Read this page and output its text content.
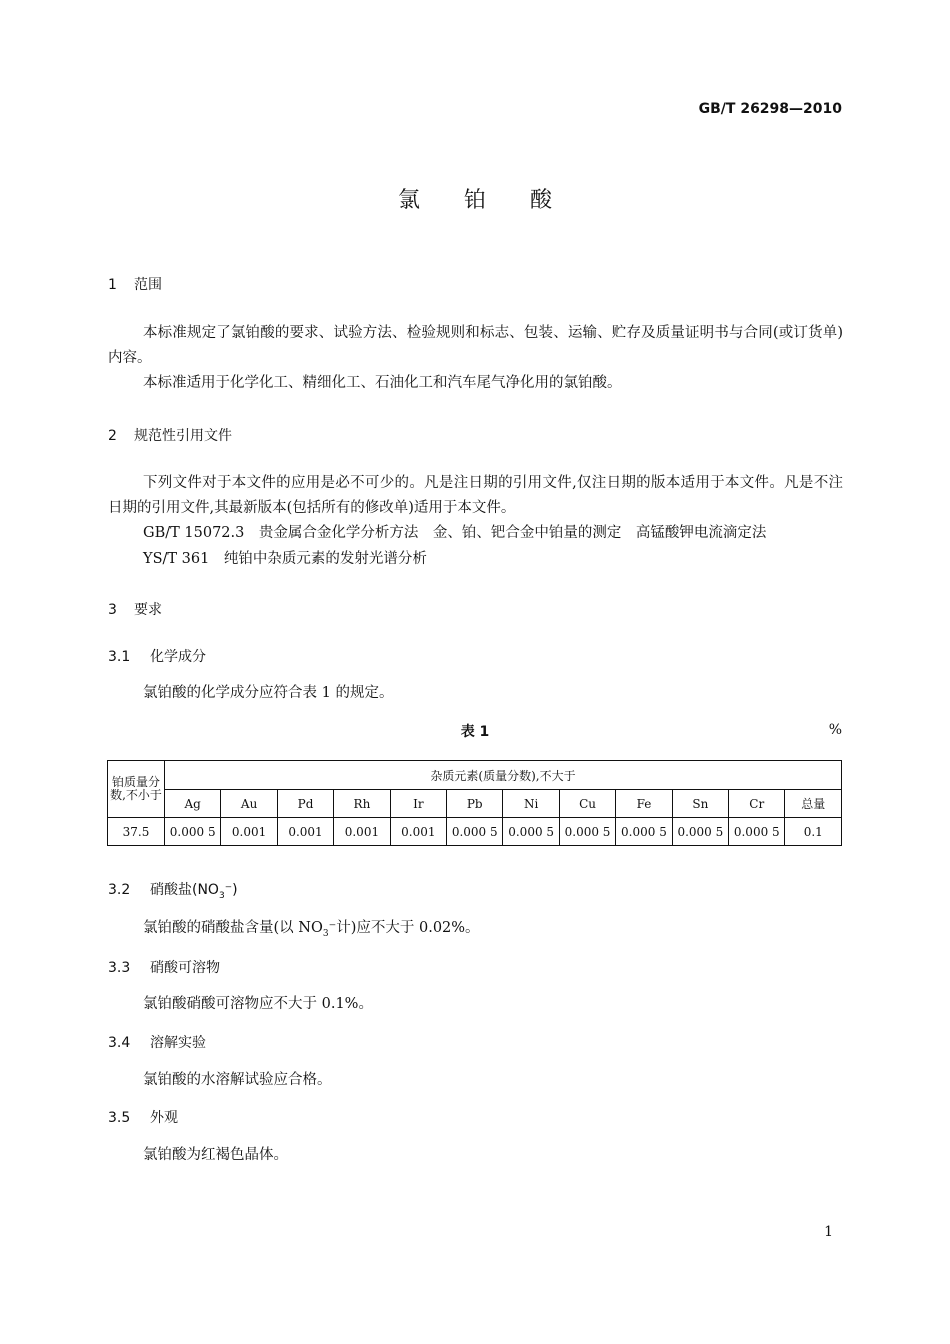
GB/T 26298—2010
氯铂酸
1 范围
本标准规定了氯铂酸的要求、试验方法、检验规则和标志、包装、运输、贮存及质量证明书与合同(或订货单)内容。
本标准适用于化学化工、精细化工、石油化工和汽车尾气净化用的氯铂酸。
2 规范性引用文件
下列文件对于本文件的应用是必不可少的。凡是注日期的引用文件,仅注日期的版本适用于本文件。凡是不注日期的引用文件,其最新版本(包括所有的修改单)适用于本文件。
GB/T 15072.3　贵金属合金化学分析方法　金、铂、钯合金中铂量的测定　高锰酸钾电流滴定法
YS/T 361　纯铂中杂质元素的发射光谱分析
3 要求
3.1 化学成分
氯铂酸的化学成分应符合表 1 的规定。
表 1	%
铂质量分数,不小于	杂质元素(质量分数),不大于											
	Ag	Au	Pd	Rh	Ir	Pb	Ni	Cu	Fe	Sn	Cr	总量
37.5	0.000 5	0.001	0.001	0.001	0.001	0.000 5	0.000 5	0.000 5	0.000 5	0.000 5	0.000 5	0.1
3.2 硝酸盐$(NO_3^-)$
氯铂酸的硝酸盐含量(以 $NO_3^-$计)应不大于 0.02%。
3.3 硝酸可溶物
氯铂酸硝酸可溶物应不大于 0.1%。
3.4 溶解实验
氯铂酸的水溶解试验应合格。
3.5 外观
氯铂酸为红褐色晶体。
1
